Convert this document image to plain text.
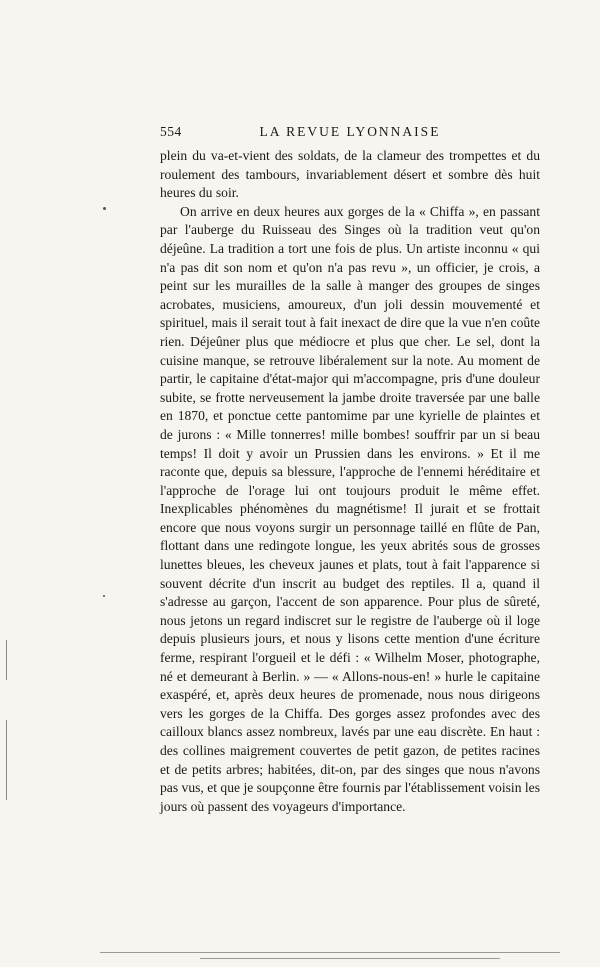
554	LA REVUE LYONNAISE

plein du va-et-vient des soldats, de la clameur des trompettes et du roulement des tambours, invariablement désert et sombre dès huit heures du soir.

On arrive en deux heures aux gorges de la « Chiffa », en passant par l'auberge du Ruisseau des Singes où la tradition veut qu'on déjeûne. La tradition a tort une fois de plus. Un artiste inconnu « qui n'a pas dit son nom et qu'on n'a pas revu », un officier, je crois, a peint sur les murailles de la salle à manger des groupes de singes acrobates, musiciens, amoureux, d'un joli dessin mouvementé et spirituel, mais il serait tout à fait inexact de dire que la vue n'en coûte rien. Déjeûner plus que médiocre et plus que cher. Le sel, dont la cuisine manque, se retrouve libéralement sur la note. Au moment de partir, le capitaine d'état-major qui m'accompagne, pris d'une douleur subite, se frotte nerveusement la jambe droite traversée par une balle en 1870, et ponctue cette pantomime par une kyrielle de plaintes et de jurons : « Mille tonnerres! mille bombes! souffrir par un si beau temps! Il doit y avoir un Prussien dans les environs. » Et il me raconte que, depuis sa blessure, l'approche de l'ennemi héréditaire et l'approche de l'orage lui ont toujours produit le même effet. Inexplicables phénomènes du magnétisme! Il jurait et se frottait encore que nous voyons surgir un personnage taillé en flûte de Pan, flottant dans une redingote longue, les yeux abrités sous de grosses lunettes bleues, les cheveux jaunes et plats, tout à fait l'apparence si souvent décrite d'un inscrit au budget des reptiles. Il a, quand il s'adresse au garçon, l'accent de son apparence. Pour plus de sûreté, nous jetons un regard indiscret sur le registre de l'auberge où il loge depuis plusieurs jours, et nous y lisons cette mention d'une écriture ferme, respirant l'orgueil et le défi : « Wilhelm Moser, photographe, né et demeurant à Berlin. » — « Allons-nous-en! » hurle le capitaine exaspéré, et, après deux heures de promenade, nous nous dirigeons vers les gorges de la Chiffa. Des gorges assez profondes avec des cailloux blancs assez nombreux, lavés par une eau discrète. En haut : des collines maigrement couvertes de petit gazon, de petites racines et de petits arbres; habitées, dit-on, par des singes que nous n'avons pas vus, et que je soupçonne être fournis par l'établissement voisin les jours où passent des voyageurs d'importance.
